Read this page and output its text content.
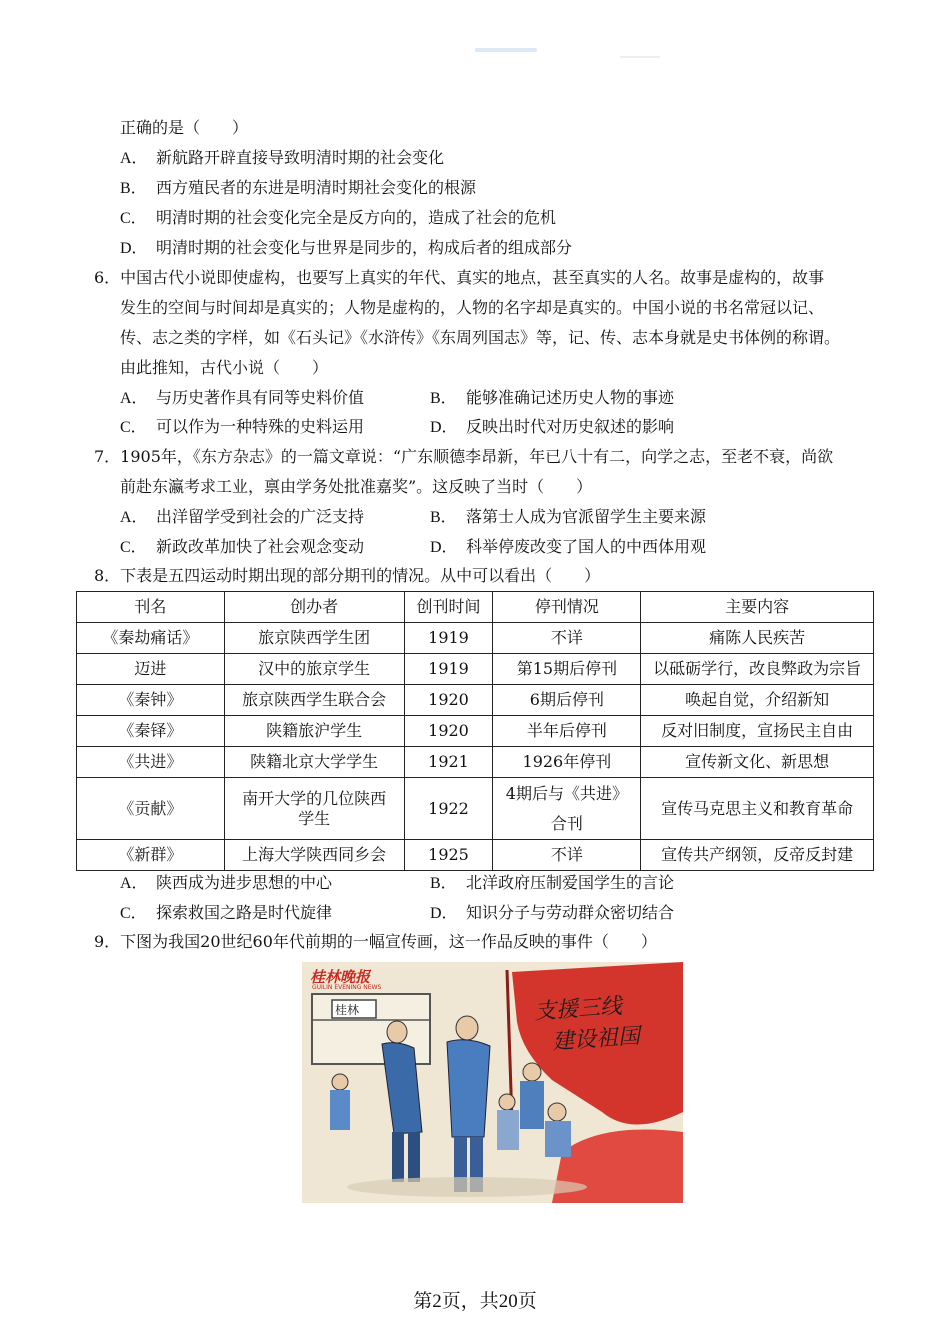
正确的是（　　）
A． 新航路开辟直接导致明清时期的社会变化
B． 西方殖民者的东进是明清时期社会变化的根源
C． 明清时期的社会变化完全是反方向的，造成了社会的危机
D． 明清时期的社会变化与世界是同步的，构成后者的组成部分
6．中国古代小说即使虚构，也要写上真实的年代、真实的地点，甚至真实的人名。故事是虚构的，故事
发生的空间与时间却是真实的；人物是虚构的，人物的名字却是真实的。中国小说的书名常冠以记、
传、志之类的字样，如《石头记》《水浒传》《东周列国志》等，记、传、志本身就是史书体例的称谓。
由此推知，古代小说（　　）
A． 与历史著作具有同等史料价值	B． 能够准确记述历史人物的事迹
C． 可以作为一种特殊的史料运用	D． 反映出时代对历史叙述的影响
7．1905年，《东方杂志》的一篇文章说：“广东顺德李昂新，年已八十有二，向学之志，至老不衰，尚欲
前赴东瀛考求工业，禀由学务处批准嘉奖”。这反映了当时（　　）
A． 出洋留学受到社会的广泛支持	B． 落第士人成为官派留学生主要来源
C． 新政改革加快了社会观念变动	D． 科举停废改变了国人的中西体用观
8．下表是五四运动时期出现的部分期刊的情况。从中可以看出（　　）
刊名	创办者	创刊时间	停刊情况	主要内容
《秦劫痛话》	旅京陕西学生团	1919	不详	痛陈人民疾苦
迈进	汉中的旅京学生	1919	第15期后停刊	以砥砺学行，改良弊政为宗旨
《秦钟》	旅京陕西学生联合会	1920	6期后停刊	唤起自觉，介绍新知
《秦铎》	陕籍旅沪学生	1920	半年后停刊	反对旧制度，宣扬民主自由
《共进》	陕籍北京大学学生	1921	1926年停刊	宣传新文化、新思想
《贡献》	南开大学的几位陕西学生	1922	4期后与《共进》合刊	宣传马克思主义和教育革命
《新群》	上海大学陕西同乡会	1925	不详	宣传共产纲领，反帝反封建
A． 陕西成为进步思想的中心	B． 北洋政府压制爱国学生的言论
C． 探索救国之路是时代旋律	D． 知识分子与劳动群众密切结合
9．下图为我国20世纪60年代前期的一幅宣传画，这一作品反映的事件（　　）
桂林晚报
GUILIN EVENING NEWS
桂林	支援三线
建设祖国
第2页，共20页
